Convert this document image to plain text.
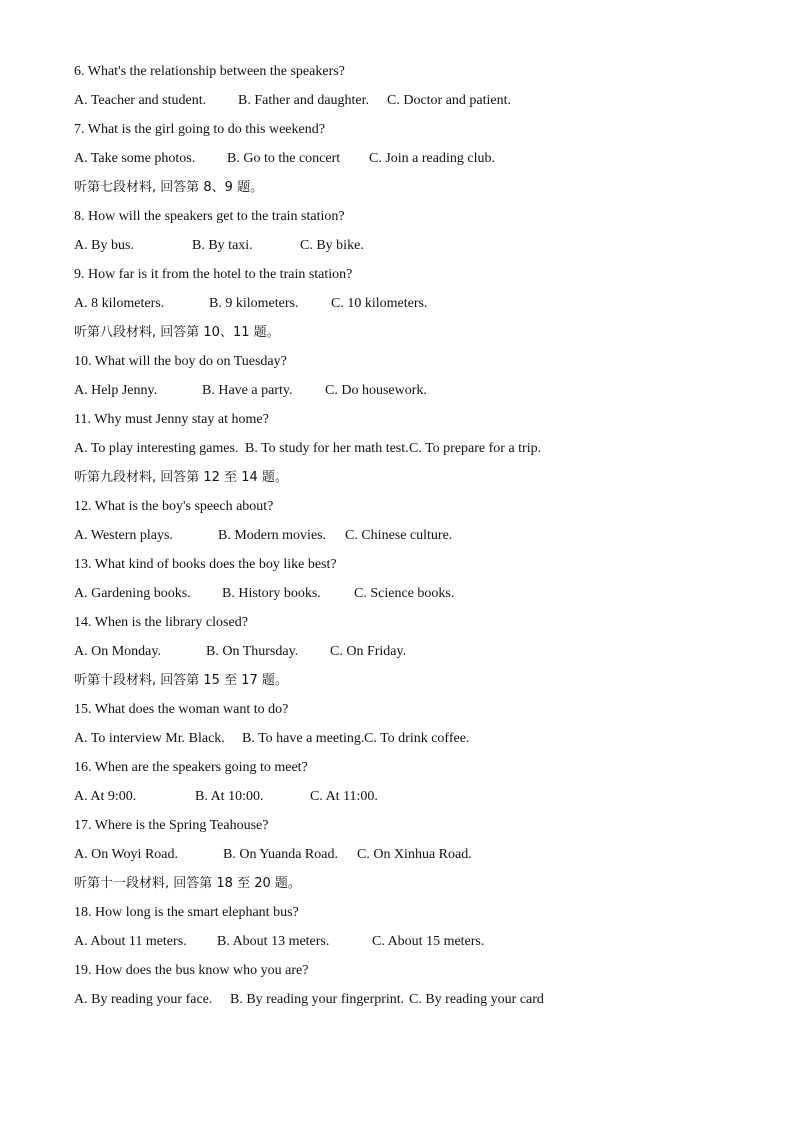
6. What's the relationship between the speakers?
A. Teacher and student. B. Father and daughter. C. Doctor and patient.
7. What is the girl going to do this weekend?
A. Take some photos. B. Go to the concert C. Join a reading club.
听第七段材料, 回答第 8、9 题。
8. How will the speakers get to the train station?
A. By bus.	B. By taxi.	C. By bike.
9. How far is it from the hotel to the train station?
A. 8 kilometers.	B. 9 kilometers. C. 10 kilometers.
听第八段材料, 回答第 10、11 题。
10. What will the boy do on Tuesday?
A. Help Jenny.	B. Have a party. C. Do housework.
11. Why must Jenny stay at home?
A. To play interesting games. B. To study for her math test. C. To prepare for a trip.
听第九段材料, 回答第 12 至 14 题。
12. What is the boy's speech about?
A. Western plays.	B. Modern movies. C. Chinese culture.
13. What kind of books does the boy like best?
A. Gardening books. B. History books. C. Science books.
14. When is the library closed?
A. On Monday.	B. On Thursday. C. On Friday.
听第十段材料, 回答第 15 至 17 题。
15. What does the woman want to do?
A. To interview Mr. Black. B. To have a meeting. C. To drink coffee.
16. When are the speakers going to meet?
A. At 9:00.	B. At 10:00.	C. At 11:00.
17. Where is the Spring Teahouse?
A. On Woyi Road.	B. On Yuanda Road. C. On Xinhua Road.
听第十一段材料, 回答第 18 至 20 题。
18. How long is the smart elephant bus?
A. About 11 meters. B. About 13 meters.	C. About 15 meters.
19. How does the bus know who you are?
A. By reading your face. B. By reading your fingerprint. C. By reading your card
